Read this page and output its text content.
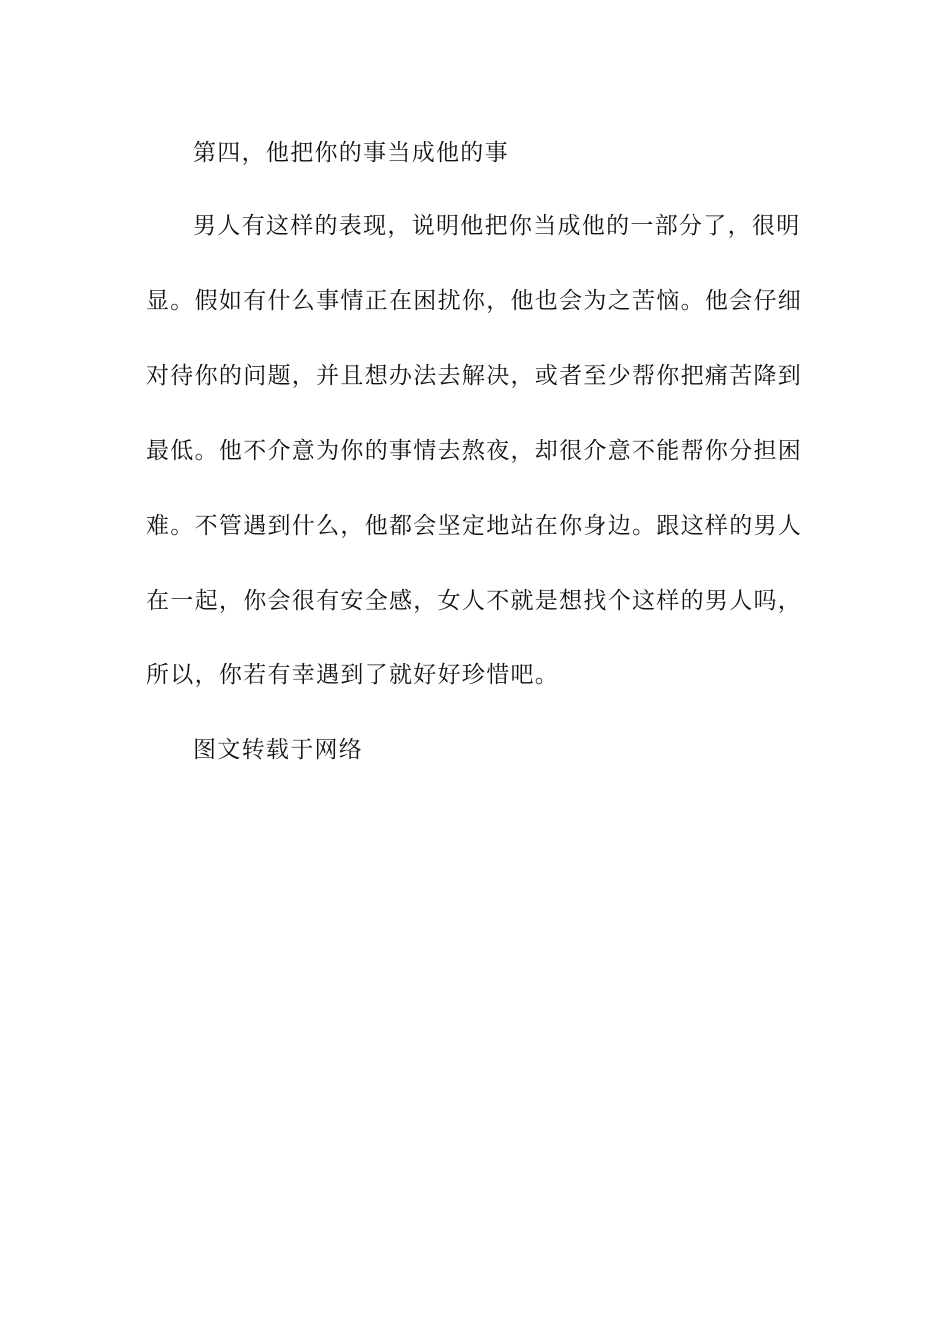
第四，他把你的事当成他的事
男人有这样的表现，说明他把你当成他的一部分了，很明
显。假如有什么事情正在困扰你，他也会为之苦恼。他会仔细
对待你的问题，并且想办法去解决，或者至少帮你把痛苦降到
最低。他不介意为你的事情去熬夜，却很介意不能帮你分担困
难。不管遇到什么，他都会坚定地站在你身边。跟这样的男人
在一起，你会很有安全感，女人不就是想找个这样的男人吗，
所以，你若有幸遇到了就好好珍惜吧。
图文转载于网络
